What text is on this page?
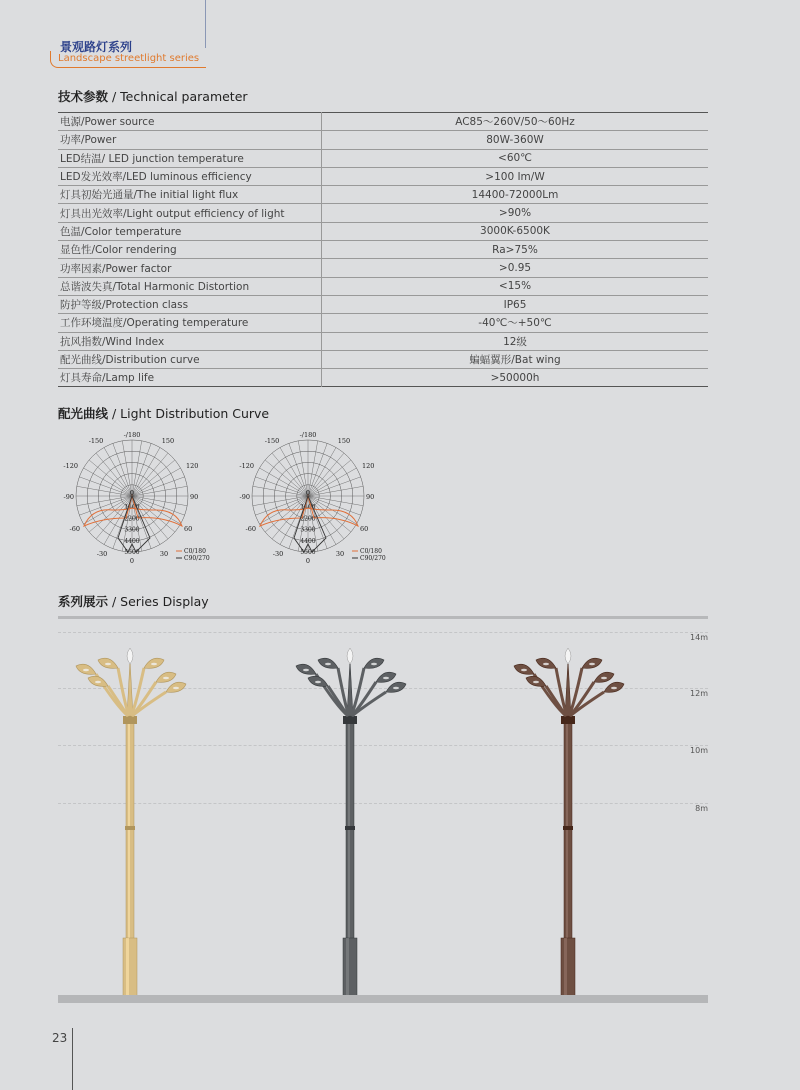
景观路灯系列
Landscape streetlight series
技术参数 / Technical parameter
电源/Power source	AC85～260V/50～60Hz
功率/Power	80W-360W
LED结温/ LED junction temperature	<60℃
LED发光效率/LED luminous efficiency	>100 Im/W
灯具初始光通量/The initial light flux	14400-72000Lm
灯具出光效率/Light output efficiency of light	>90%
色温/Color temperature	3000K-6500K
显色性/Color rendering	Ra>75%
功率因素/Power factor	>0.95
总谐波失真/Total Harmonic Distortion	<15%
防护等级/Protection class	IP65
工作环境温度/Operating temperature	-40℃～+50℃
抗风指数/Wind Index	12级
配光曲线/Distribution curve	蝙蝠翼形/Bat wing
灯具寿命/Lamp life	>50000h
配光曲线 / Light Distribution Curve
-/180
-150	150
-120	120
-90	90
-60	60
-30	30
0
0
1100
2200
3300
4400
5500	C0/180
C90/270
-/180
-150	150
-120	120
-90	90
-60	60
-30	30
0
0
1100
2200
3300
4400
5500	C0/180
C90/270
系列展示 / Series Display
14m
12m
10m
8m
23
